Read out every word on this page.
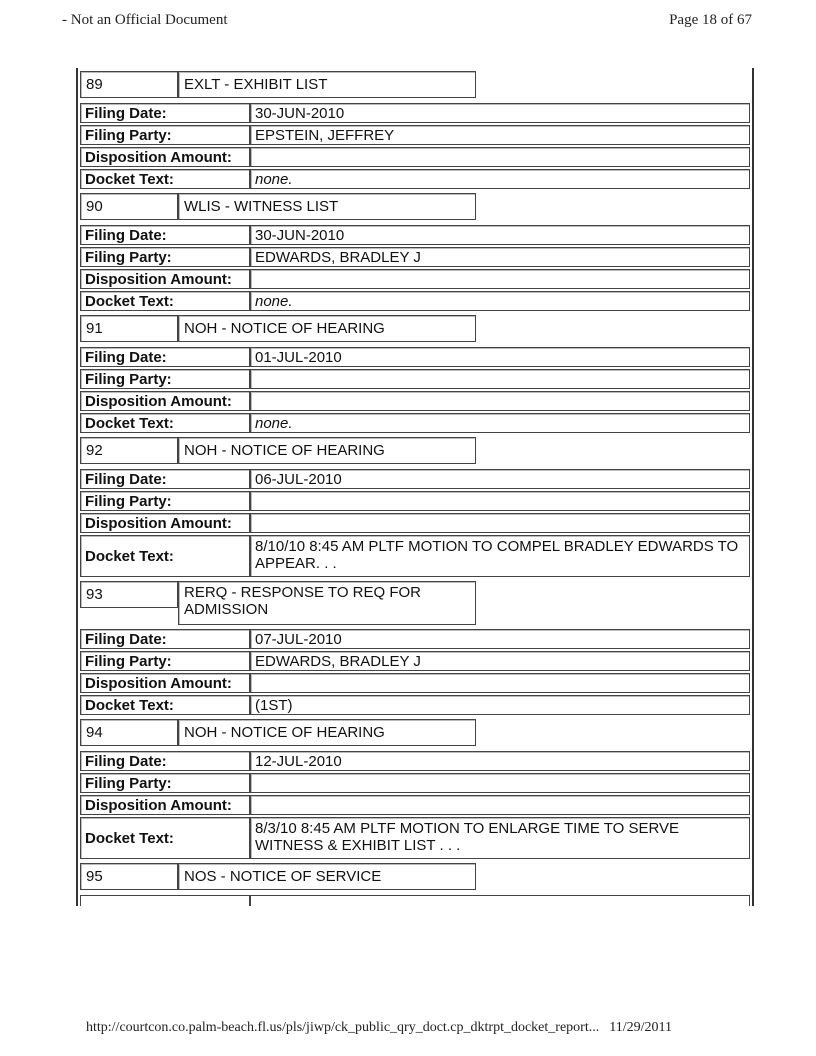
- Not an Official Document	Page 18 of 67
89	EXLT - EXHIBIT LIST
Filing Date:	30-JUN-2010
Filing Party:	EPSTEIN, JEFFREY
Disposition Amount:
Docket Text:	none.
90	WLIS - WITNESS LIST
Filing Date:	30-JUN-2010
Filing Party:	EDWARDS, BRADLEY J
Disposition Amount:
Docket Text:	none.
91	NOH - NOTICE OF HEARING
Filing Date:	01-JUL-2010
Filing Party:
Disposition Amount:
Docket Text:	none.
92	NOH - NOTICE OF HEARING
Filing Date:	06-JUL-2010
Filing Party:
Disposition Amount:
Docket Text:
8/10/10 8:45 AM PLTF MOTION TO COMPEL BRADLEY EDWARDS TO APPEAR. . .
93	RERQ - RESPONSE TO REQ FOR ADMISSION
Filing Date:	07-JUL-2010
Filing Party:	EDWARDS, BRADLEY J
Disposition Amount:
Docket Text:	(1ST)
94	NOH - NOTICE OF HEARING
Filing Date:	12-JUL-2010
Filing Party:
Disposition Amount:
Docket Text:
8/3/10 8:45 AM PLTF MOTION TO ENLARGE TIME TO SERVE WITNESS & EXHIBIT LIST . . .
95	NOS - NOTICE OF SERVICE
http://courtcon.co.palm-beach.fl.us/pls/jiwp/ck_public_qry_doct.cp_dktrpt_docket_report... 11/29/2011
